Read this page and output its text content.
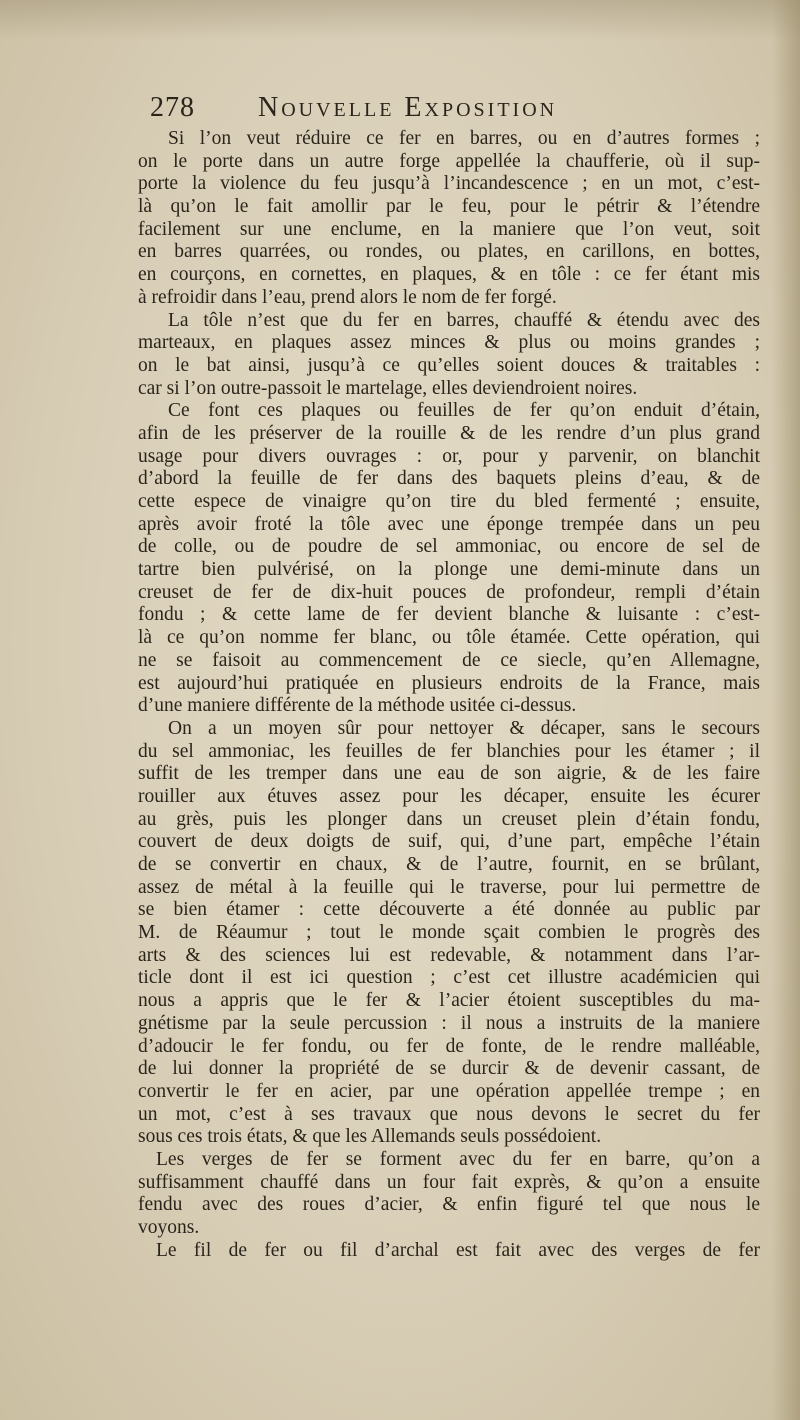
278 Nouvelle Exposition
Si l’on veut réduire ce fer en barres, ou en d’autres formes ;
on le porte dans un autre forge appellée la chaufferie, où il sup-
porte la violence du feu jusqu’à l’incandescence ; en un mot, c’est-
là qu’on le fait amollir par le feu, pour le pétrir & l’étendre
facilement sur une enclume, en la maniere que l’on veut, soit
en barres quarrées, ou rondes, ou plates, en carillons, en bottes,
en courçons, en cornettes, en plaques, & en tôle : ce fer étant mis
à refroidir dans l’eau, prend alors le nom de fer forgé.
La tôle n’est que du fer en barres, chauffé & étendu avec des
marteaux, en plaques assez minces & plus ou moins grandes ;
on le bat ainsi, jusqu’à ce qu’elles soient douces & traitables :
car si l’on outre-passoit le martelage, elles deviendroient noires.
Ce font ces plaques ou feuilles de fer qu’on enduit d’étain,
afin de les préserver de la rouille & de les rendre d’un plus grand
usage pour divers ouvrages : or, pour y parvenir, on blanchit
d’abord la feuille de fer dans des baquets pleins d’eau, & de
cette espece de vinaigre qu’on tire du bled fermenté ; ensuite,
après avoir froté la tôle avec une éponge trempée dans un peu
de colle, ou de poudre de sel ammoniac, ou encore de sel de
tartre bien pulvérisé, on la plonge une demi-minute dans un
creuset de fer de dix-huit pouces de profondeur, rempli d’étain
fondu ; & cette lame de fer devient blanche & luisante : c’est-
là ce qu’on nomme fer blanc, ou tôle étamée. Cette opération, qui
ne se faisoit au commencement de ce siecle, qu’en Allemagne,
est aujourd’hui pratiquée en plusieurs endroits de la France, mais
d’une maniere différente de la méthode usitée ci-dessus.
On a un moyen sûr pour nettoyer & décaper, sans le secours
du sel ammoniac, les feuilles de fer blanchies pour les étamer ; il
suffit de les tremper dans une eau de son aigrie, & de les faire
rouiller aux étuves assez pour les décaper, ensuite les écurer
au grès, puis les plonger dans un creuset plein d’étain fondu,
couvert de deux doigts de suif, qui, d’une part, empêche l’étain
de se convertir en chaux, & de l’autre, fournit, en se brûlant,
assez de métal à la feuille qui le traverse, pour lui permettre de
se bien étamer : cette découverte a été donnée au public par
M. de Réaumur ; tout le monde sçait combien le progrès des
arts & des sciences lui est redevable, & notamment dans l’ar-
ticle dont il est ici question ; c’est cet illustre académicien qui
nous a appris que le fer & l’acier étoient susceptibles du ma-
gnétisme par la seule percussion : il nous a instruits de la maniere
d’adoucir le fer fondu, ou fer de fonte, de le rendre malléable,
de lui donner la propriété de se durcir & de devenir cassant, de
convertir le fer en acier, par une opération appellée trempe ; en
un mot, c’est à ses travaux que nous devons le secret du fer
sous ces trois états, & que les Allemands seuls possédoient.
Les verges de fer se forment avec du fer en barre, qu’on a
suffisamment chauffé dans un four fait exprès, & qu’on a ensuite
fendu avec des roues d’acier, & enfin figuré tel que nous le
voyons.
Le fil de fer ou fil d’archal est fait avec des verges de fer
